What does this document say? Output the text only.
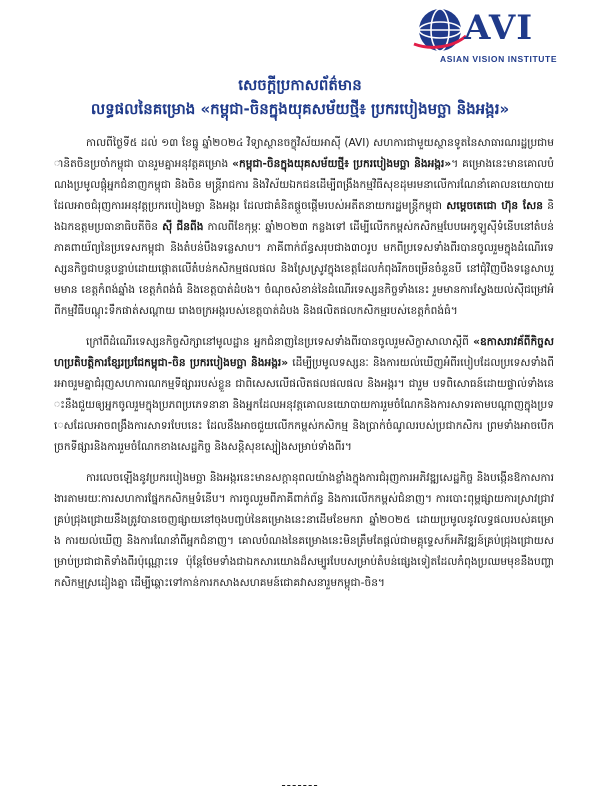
AVI
ASIAN VISION INSTITUTE
សេចក្ដីប្រកាសព័ត៌មាន
លទ្ធផលនៃគម្រោង «កម្ពុជា-ចិនក្នុងយុគសម័យថ្មី៖ ប្រករបៀងមច្ឆា និងអង្ករ»

កាលពីថ្ងៃទី៥ ដល់ ១៣ ខែធ្នូ ឆ្នាំ២០២៤ វិទ្យាស្ថានចក្ខុវិស័យអាស៊ី (AVI) សហការជាមួយស្ថានទូតនៃសាធារណរដ្ឋប្រជាមានិតចិនប្រចាំកម្ពុជា បានរួមគ្នាអនុវត្តគម្រោង «កម្ពុជា-ចិនក្នុងយុគសម័យថ្មី៖ ប្រករបៀងមច្ឆា និងអង្ករ»។ គម្រោងនេះមានគោលបំណងប្រមូលផ្តុំអ្នកជំនាញកម្ពុជា និងចិន មន្ត្រីរាជការ និងវិស័យឯកជនដើម្បីពង្រឹងកម្មវិធីសុខដុមរមនាលើការណែនាំគោលនយោបាយដែលអាចជំរុញការអនុវត្តប្រករបៀងមច្ឆា និងអង្ករ ដែលជាគំនិតផ្តួចផ្តើមរបស់អតីតនាយករដ្ឋមន្ត្រីកម្ពុជា សម្តេចតេជោ ហ៊ុន សែន និងឯកឧត្តមប្រធានាធិបតីចិន ស៊ី ជីនពីង កាលពីខែកុម្ភៈ ឆ្នាំ២០២៣ កន្លងទៅ ដើម្បីលើកកម្ពស់កសិកម្មបែបអេកូឡូស៊ីទំនើបនៅតំបន់ភាគពាយ័ព្យនៃប្រទេសកម្ពុជា និងតំបន់បឹងទន្លេសាប។ ភាគីពាក់ព័ន្ធសរុបជាង៣០រូប មកពីប្រទេសទាំងពីរបានចូលរួមក្នុងដំណើរទេស្សនកិច្ចជាបន្តបន្ទាប់ដោយផ្តោតលើតំបន់កសិកម្មផលផល និងស្រែស្រូវក្នុងខេត្តដែលកំពុងរីកចម្រើនចំនួនបី នៅជុំវិញបឹងទន្លេសាបរួមមាន ខេត្តកំពង់ឆ្នាំង ខេត្តកំពង់ធំ និងខេត្តបាត់ដំបង។ ចំណុចសំខាន់នៃដំណើរទេស្សនកិច្ចទាំងនេះ រួមមានការស្វែងយល់ស៊ីជម្រៅអំពីកម្មវិធីបណ្តុះទឹកផាត់សណ្តាយ រោងចក្រអង្ករបស់ខេត្តបាត់ដំបង និងផលិតផលកសិកម្មរបស់ខេត្តកំពង់ធំ។

ក្រៅពីដំណើរទេស្សនកិច្ចសិក្សានៅមូលដ្ឋាន អ្នកជំនាញនៃប្រទេសទាំងពីរបានចូលរួមសិក្ខាសាលាស្តីពី «ឧកាសរាវគ័ពីកិច្ចសហប្រតិបត្តិការខ្សែរប្រជែកម្ពុជា-ចិន ប្រករបៀងមច្ឆា និងអង្ករ» ដើម្បីប្រមូលទស្សនៈ និងការយល់ឃើញអំពីរបៀបដែលប្រទេសទាំងពីរអាចរួមគ្នាជំរុញសហការណកម្មទីផ្សាររបស់ខ្លួន ជាពិសេសលើផលិតផលផលផល និងអង្ករ។ ជារួម បទពិសោធន៍ដោយផ្ទាល់ទាំងនេះនឹងជួយឲ្យអ្នកចូលរួមក្នុងប្រភពប្រភេទនានា និងអ្នកដែលអនុវត្តគោលនយោបាយការរួមចំណែកនិងការសាទរតាមបណ្តាញក្នុងប្រទេសដែលអាចពង្រឹងការសាទរបែបនេះ ដែលនឹងអាចជួយលើកកម្ពស់កសិកម្ម និងប្រាក់ចំណូលរបស់ប្រជាកសិករ ព្រមទាំងអាចបើកច្រកទីផ្សារនិងការរួមចំណែកខាងសេដ្ឋកិច្ច និងសន្តិសុខស្បៀងសម្រាប់ទាំងពីរ។

ការលេចឡើងនូវប្រករបៀងមច្ឆា និងអង្ករនេះមានសក្តានុពលយ៉ាងខ្លាំងក្នុងការជំរុញការអភិវឌ្ឍសេដ្ឋកិច្ច និងបង្កើនឱកាសការងារតាមរយៈការសហការផ្នែកកសិកម្មទំនើប។ ការចូលរួមពីភាគីពាក់ព័ន្ធ និងការលើកកម្ពស់ជំនាញ។ ការបោះពុម្ពផ្សាយការស្រាវជ្រាវគ្រប់ជ្រុងជ្រោយនឹងត្រូវបានចេញផ្សាយនៅចុងបញ្ចប់នៃគម្រោងនេះនាដើមខែមករា ឆ្នាំ២០២៥ ដោយប្រមូលនូវលទ្ធផលរបស់គម្រោង ការយល់ឃើញ និងការណែនាំពីអ្នកជំនាញ។ គោលបំណងនៃគម្រោងនេះមិនត្រឹមតែផ្តល់ជាមគ្គុទ្ទេសក៍អភិវឌ្ឍន៍គ្រប់ជ្រុងជ្រោយសម្រាប់ប្រជាជាតិទាំងពីរប៉ុណ្ណោះទេ ប៉ុន្តែថែមទាំងជាឯកសារយោងដ៏សម្បូរបែបសម្រាប់តំបន់ផ្សេងទៀតដែលកំពុងប្រឈមមុខនឹងបញ្ហាកសិកម្មស្រដៀងគ្នា ដើម្បីឆ្ពោះទៅកាន់ការកសាងសហគមន៍ជោគវាសនារួមកម្ពុជា-ចិន។

-------
